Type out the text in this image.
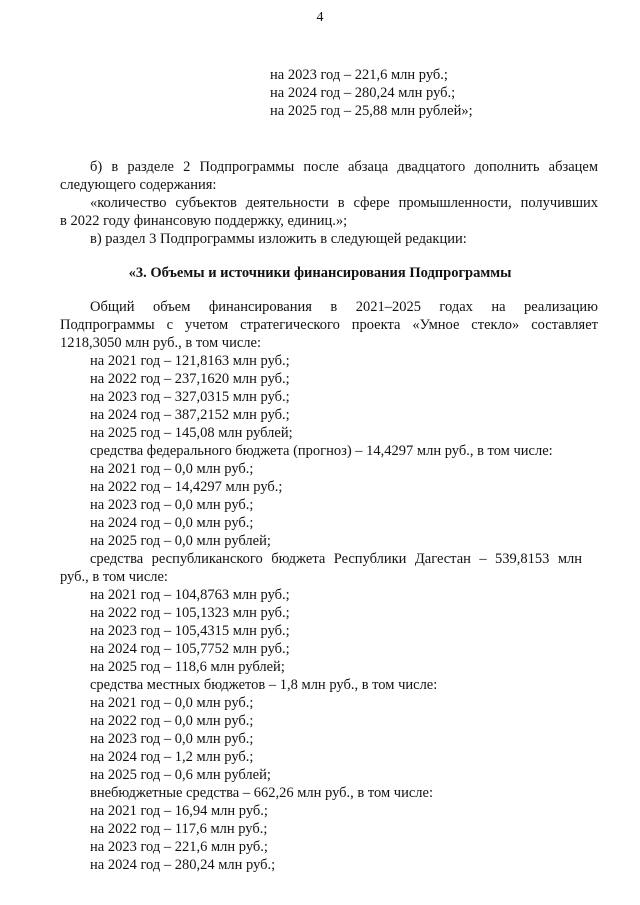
4
на 2023 год – 221,6 млн руб.;
на 2024 год – 280,24 млн руб.;
на 2025 год – 25,88 млн рублей»;
б) в разделе 2 Подпрограммы после абзаца двадцатого дополнить абзацем
следующего содержания:
«количество субъектов деятельности в сфере промышленности, получивших
в 2022 году финансовую поддержку, единиц.»;
в) раздел 3 Подпрограммы изложить в следующей редакции:
«3. Объемы и источники финансирования Подпрограммы
Общий объем финансирования в 2021–2025 годах на реализацию
Подпрограммы с учетом стратегического проекта «Умное стекло» составляет
1218,3050 млн руб., в том числе:
на 2021 год – 121,8163 млн руб.;
на 2022 год – 237,1620 млн руб.;
на 2023 год – 327,0315 млн руб.;
на 2024 год – 387,2152 млн руб.;
на 2025 год – 145,08 млн рублей;
средства федерального бюджета (прогноз) – 14,4297 млн руб., в том числе:
на 2021 год – 0,0 млн руб.;
на 2022 год – 14,4297 млн руб.;
на 2023 год – 0,0 млн руб.;
на 2024 год – 0,0 млн руб.;
на 2025 год – 0,0 млн рублей;
средства республиканского бюджета Республики Дагестан – 539,8153 млн
руб., в том числе:
на 2021 год – 104,8763 млн руб.;
на 2022 год – 105,1323 млн руб.;
на 2023 год – 105,4315 млн руб.;
на 2024 год – 105,7752 млн руб.;
на 2025 год – 118,6 млн рублей;
средства местных бюджетов – 1,8 млн руб., в том числе:
на 2021 год – 0,0 млн руб.;
на 2022 год – 0,0 млн руб.;
на 2023 год – 0,0 млн руб.;
на 2024 год – 1,2 млн руб.;
на 2025 год – 0,6 млн рублей;
внебюджетные средства – 662,26 млн руб., в том числе:
на 2021 год – 16,94 млн руб.;
на 2022 год – 117,6 млн руб.;
на 2023 год – 221,6 млн руб.;
на 2024 год – 280,24 млн руб.;
